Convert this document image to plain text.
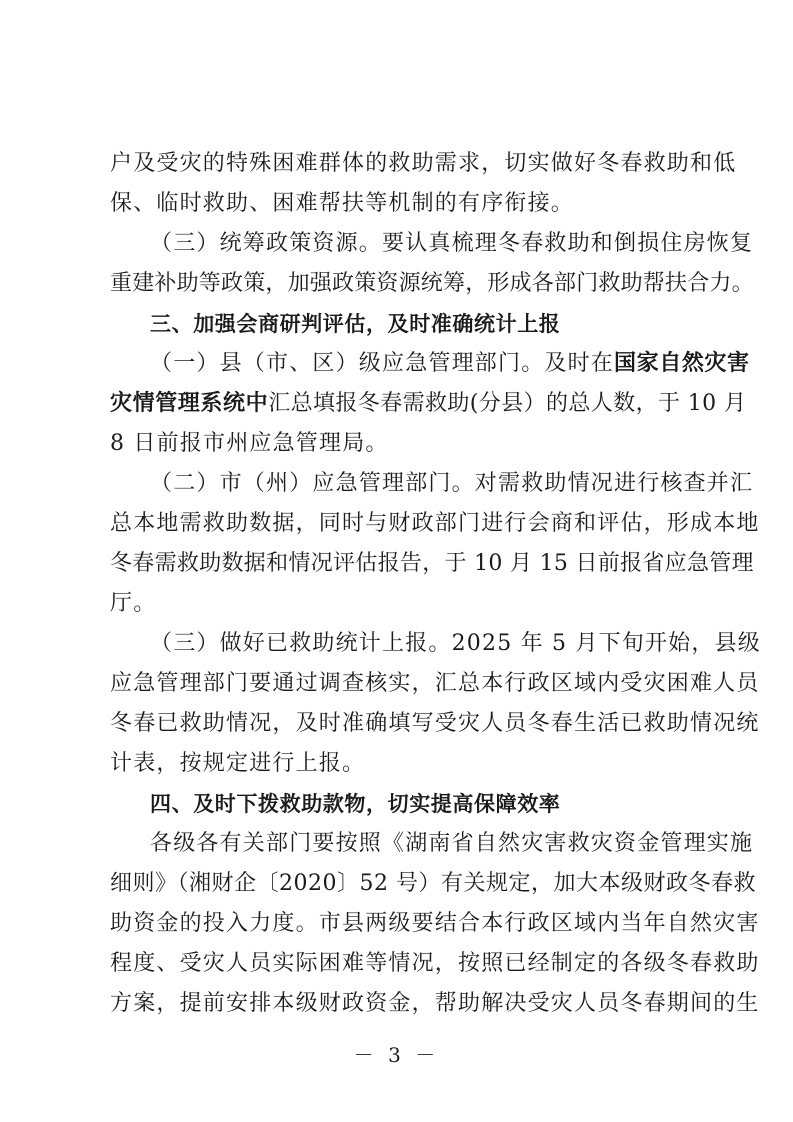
户及受灾的特殊困难群体的救助需求，切实做好冬春救助和低
保、临时救助、困难帮扶等机制的有序衔接。
（三）统筹政策资源。要认真梳理冬春救助和倒损住房恢复
重建补助等政策，加强政策资源统筹，形成各部门救助帮扶合力。
三、加强会商研判评估，及时准确统计上报
（一）县（市、区）级应急管理部门。及时在国家自然灾害
灾情管理系统中汇总填报冬春需救助(分县）的总人数，于 10 月
8 日前报市州应急管理局。
（二）市（州）应急管理部门。对需救助情况进行核查并汇
总本地需救助数据，同时与财政部门进行会商和评估，形成本地
冬春需救助数据和情况评估报告，于 10 月 15 日前报省应急管理
厅。
（三）做好已救助统计上报。2025 年 5 月下旬开始，县级
应急管理部门要通过调查核实，汇总本行政区域内受灾困难人员
冬春已救助情况，及时准确填写受灾人员冬春生活已救助情况统
计表，按规定进行上报。
四、及时下拨救助款物，切实提高保障效率
各级各有关部门要按照《湖南省自然灾害救灾资金管理实施
细则》（湘财企〔2020〕52 号）有关规定，加大本级财政冬春救
助资金的投入力度。市县两级要结合本行政区域内当年自然灾害
程度、受灾人员实际困难等情况，按照已经制定的各级冬春救助
方案，提前安排本级财政资金，帮助解决受灾人员冬春期间的生
－ 3 －
